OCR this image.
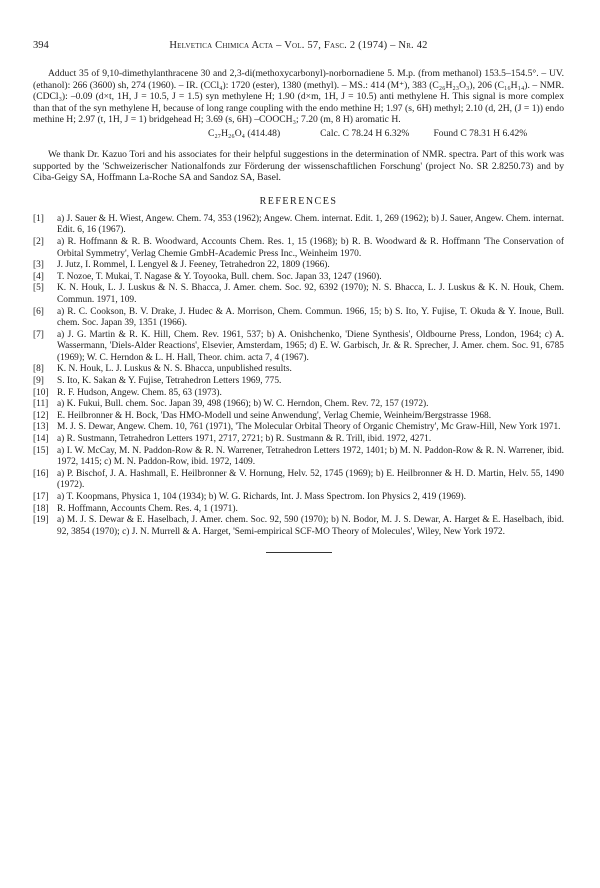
394	Helvetica Chimica Acta – Vol. 57, Fasc. 2 (1974) – Nr. 42

Adduct 35 of 9,10-dimethylanthracene 30 and 2,3-di(methoxycarbonyl)-norbornadiene 5. M.p. (from methanol) 153.5–154.5°. – UV. (ethanol): 266 (3600) sh, 274 (1960). – IR. (CCl₄): 1720 (ester), 1380 (methyl). – MS.: 414 (M⁺), 383 (C₂₆H₂₃O₃), 206 (C₁₆H₁₄). – NMR. (CDCl₃): –0.09 (d×t, 1H, J = 10.5, J = 1.5) syn methylene H; 1.90 (d×m, 1H, J = 10.5) anti methylene H. This signal is more complex than that of the syn methylene H, because of long range coupling with the endo methine H; 1.97 (s, 6H) methyl; 2.10 (d, 2H, (J = 1)) endo methine H; 2.97 (t, 1H, J = 1) bridgehead H; 3.69 (s, 6H) –COOCH₃; 7.20 (m, 8 H) aromatic H.

C₂₇H₂₆O₄ (414.48)	Calc. C 78.24 H 6.32%	Found C 78.31 H 6.42%

We thank Dr. Kazuo Tori and his associates for their helpful suggestions in the determination of NMR. spectra. Part of this work was supported by the 'Schweizerischer Nationalfonds zur Förderung der wissenschaftlichen Forschung' (project No. SR 2.8250.73) and by Ciba-Geigy SA, Hoffmann La-Roche SA and Sandoz SA, Basel.

REFERENCES
[1] a) J. Sauer & H. Wiest, Angew. Chem. 74, 353 (1962); Angew. Chem. internat. Edit. 1, 269 (1962); b) J. Sauer, Angew. Chem. internat. Edit. 6, 16 (1967).
[2] a) R. Hoffmann & R. B. Woodward, Accounts Chem. Res. 1, 15 (1968); b) R. B. Woodward & R. Hoffmann 'The Conservation of Orbital Symmetry', Verlag Chemie GmbH-Academic Press Inc., Weinheim 1970.
[3] J. Jutz, I. Rommel, I. Lengyel & J. Feeney, Tetrahedron 22, 1809 (1966).
[4] T. Nozoe, T. Mukai, T. Nagase & Y. Toyooka, Bull. chem. Soc. Japan 33, 1247 (1960).
[5] K. N. Houk, L. J. Luskus & N. S. Bhacca, J. Amer. chem. Soc. 92, 6392 (1970); N. S. Bhacca, L. J. Luskus & K. N. Houk, Chem. Commun. 1971, 109.
[6] a) R. C. Cookson, B. V. Drake, J. Hudec & A. Morrison, Chem. Commun. 1966, 15; b) S. Ito, Y. Fujise, T. Okuda & Y. Inoue, Bull. chem. Soc. Japan 39, 1351 (1966).
[7] a) J. G. Martin & R. K. Hill, Chem. Rev. 1961, 537; b) A. Onishchenko, 'Diene Synthesis', Oldbourne Press, London, 1964; c) A. Wassermann, 'Diels-Alder Reactions', Elsevier, Amsterdam, 1965; d) E. W. Garbisch, Jr. & R. Sprecher, J. Amer. chem. Soc. 91, 6785 (1969); W. C. Herndon & L. H. Hall, Theor. chim. acta 7, 4 (1967).
[8] K. N. Houk, L. J. Luskus & N. S. Bhacca, unpublished results.
[9] S. Ito, K. Sakan & Y. Fujise, Tetrahedron Letters 1969, 775.
[10] R. F. Hudson, Angew. Chem. 85, 63 (1973).
[11] a) K. Fukui, Bull. chem. Soc. Japan 39, 498 (1966); b) W. C. Herndon, Chem. Rev. 72, 157 (1972).
[12] E. Heilbronner & H. Bock, 'Das HMO-Modell und seine Anwendung', Verlag Chemie, Weinheim/Bergstrasse 1968.
[13] M. J. S. Dewar, Angew. Chem. 10, 761 (1971), 'The Molecular Orbital Theory of Organic Chemistry', Mc Graw-Hill, New York 1971.
[14] a) R. Sustmann, Tetrahedron Letters 1971, 2717, 2721; b) R. Sustmann & R. Trill, ibid. 1972, 4271.
[15] a) I. W. McCay, M. N. Paddon-Row & R. N. Warrener, Tetrahedron Letters 1972, 1401; b) M. N. Paddon-Row & R. N. Warrener, ibid. 1972, 1415; c) M. N. Paddon-Row, ibid. 1972, 1409.
[16] a) P. Bischof, J. A. Hashmall, E. Heilbronner & V. Hornung, Helv. 52, 1745 (1969); b) E. Heilbronner & H. D. Martin, Helv. 55, 1490 (1972).
[17] a) T. Koopmans, Physica 1, 104 (1934); b) W. G. Richards, Int. J. Mass Spectrom. Ion Physics 2, 419 (1969).
[18] R. Hoffmann, Accounts Chem. Res. 4, 1 (1971).
[19] a) M. J. S. Dewar & E. Haselbach, J. Amer. chem. Soc. 92, 590 (1970); b) N. Bodor, M. J. S. Dewar, A. Harget & E. Haselbach, ibid. 92, 3854 (1970); c) J. N. Murrell & A. Harget, 'Semi-empirical SCF-MO Theory of Molecules', Wiley, New York 1972.
